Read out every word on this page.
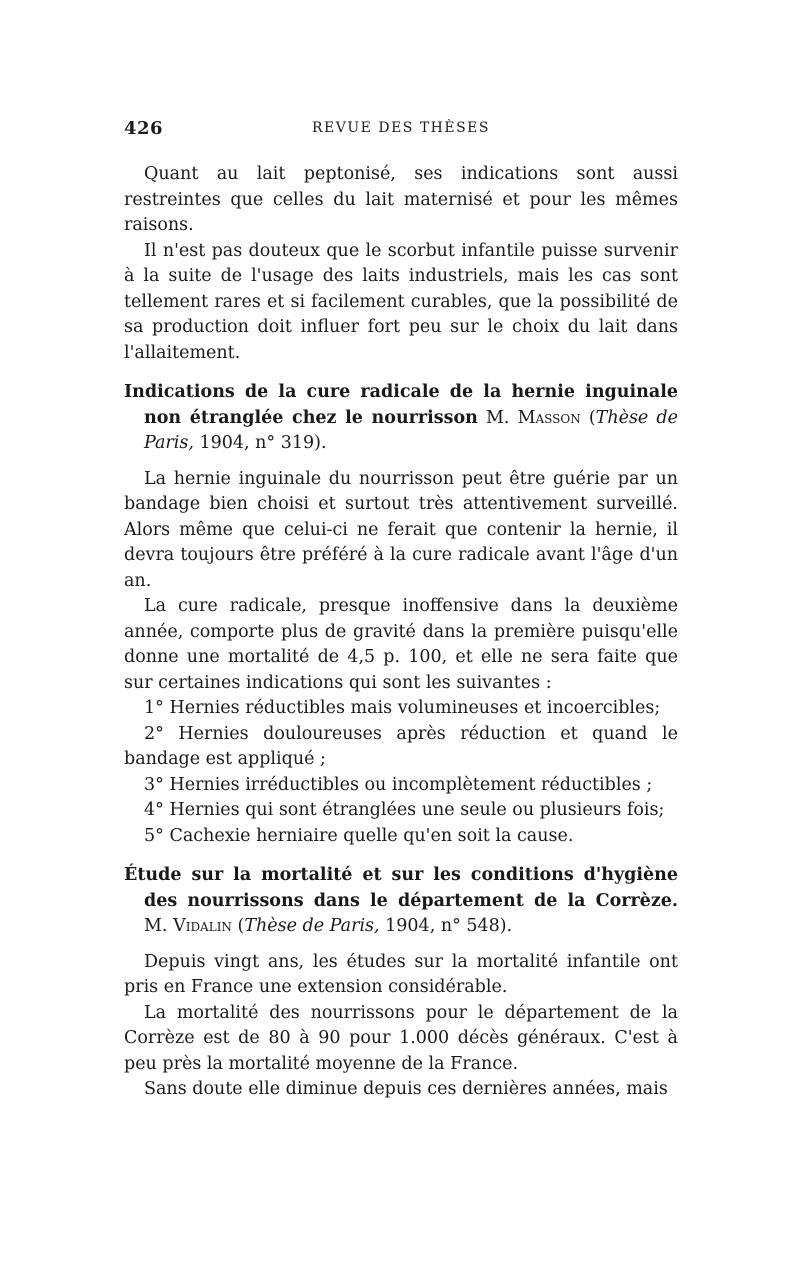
426	REVUE DES THÈSES

Quant au lait peptonisé, ses indications sont aussi restreintes que celles du lait maternisé et pour les mêmes raisons.

Il n'est pas douteux que le scorbut infantile puisse survenir à la suite de l'usage des laits industriels, mais les cas sont tellement rares et si facilement curables, que la possibilité de sa production doit influer fort peu sur le choix du lait dans l'allaitement.

Indications de la cure radicale de la hernie inguinale non étranglée chez le nourrisson M. Masson (Thèse de Paris, 1904, n° 319).

La hernie inguinale du nourrisson peut être guérie par un bandage bien choisi et surtout très attentivement surveillé. Alors même que celui-ci ne ferait que contenir la hernie, il devra toujours être préféré à la cure radicale avant l'âge d'un an.

La cure radicale, presque inoffensive dans la deuxième année, comporte plus de gravité dans la première puisqu'elle donne une mortalité de 4,5 p. 100, et elle ne sera faite que sur certaines indications qui sont les suivantes :

1° Hernies réductibles mais volumineuses et incoercibles;

2° Hernies douloureuses après réduction et quand le bandage est appliqué ;

3° Hernies irréductibles ou incomplètement réductibles ;

4° Hernies qui sont étranglées une seule ou plusieurs fois;

5° Cachexie herniaire quelle qu'en soit la cause.

Étude sur la mortalité et sur les conditions d'hygiène des nourrissons dans le département de la Corrèze. M. Vidalin (Thèse de Paris, 1904, n° 548).

Depuis vingt ans, les études sur la mortalité infantile ont pris en France une extension considérable.

La mortalité des nourrissons pour le département de la Corrèze est de 80 à 90 pour 1.000 décès généraux. C'est à peu près la mortalité moyenne de la France.

Sans doute elle diminue depuis ces dernières années, mais
